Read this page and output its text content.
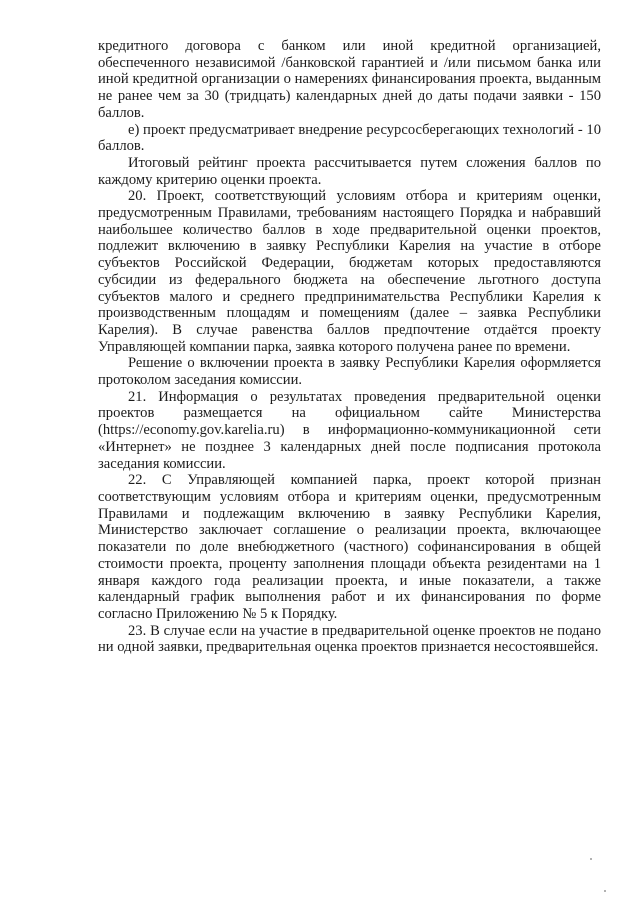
кредитного договора с банком или иной кредитной организацией, обеспеченного независимой /банковской гарантией и /или письмом банка или иной кредитной организации о намерениях финансирования проекта, выданным не ранее чем за 30 (тридцать) календарных дней до даты подачи заявки - 150 баллов.

е) проект предусматривает внедрение ресурсосберегающих технологий - 10 баллов.

Итоговый рейтинг проекта рассчитывается путем сложения баллов по каждому критерию оценки проекта.

20. Проект, соответствующий условиям отбора и критериям оценки, предусмотренным Правилами, требованиям настоящего Порядка и набравший наибольшее количество баллов в ходе предварительной оценки проектов, подлежит включению в заявку Республики Карелия на участие в отборе субъектов Российской Федерации, бюджетам которых предоставляются субсидии из федерального бюджета на обеспечение льготного доступа субъектов малого и среднего предпринимательства Республики Карелия к производственным площадям и помещениям (далее – заявка Республики Карелия). В случае равенства баллов предпочтение отдаётся проекту Управляющей компании парка, заявка которого получена ранее по времени.

Решение о включении проекта в заявку Республики Карелия оформляется протоколом заседания комиссии.

21. Информация о результатах проведения предварительной оценки проектов размещается на официальном сайте Министерства (https://economy.gov.karelia.ru) в информационно-коммуникационной сети «Интернет» не позднее 3 календарных дней после подписания протокола заседания комиссии.

22. С Управляющей компанией парка, проект которой признан соответствующим условиям отбора и критериям оценки, предусмотренным Правилами и подлежащим включению в заявку Республики Карелия, Министерство заключает соглашение о реализации проекта, включающее показатели по доле внебюджетного (частного) софинансирования в общей стоимости проекта, проценту заполнения площади объекта резидентами на 1 января каждого года реализации проекта, и иные показатели, а также календарный график выполнения работ и их финансирования по форме согласно Приложению № 5 к Порядку.

23. В случае если на участие в предварительной оценке проектов не подано ни одной заявки, предварительная оценка проектов признается несостоявшейся.
